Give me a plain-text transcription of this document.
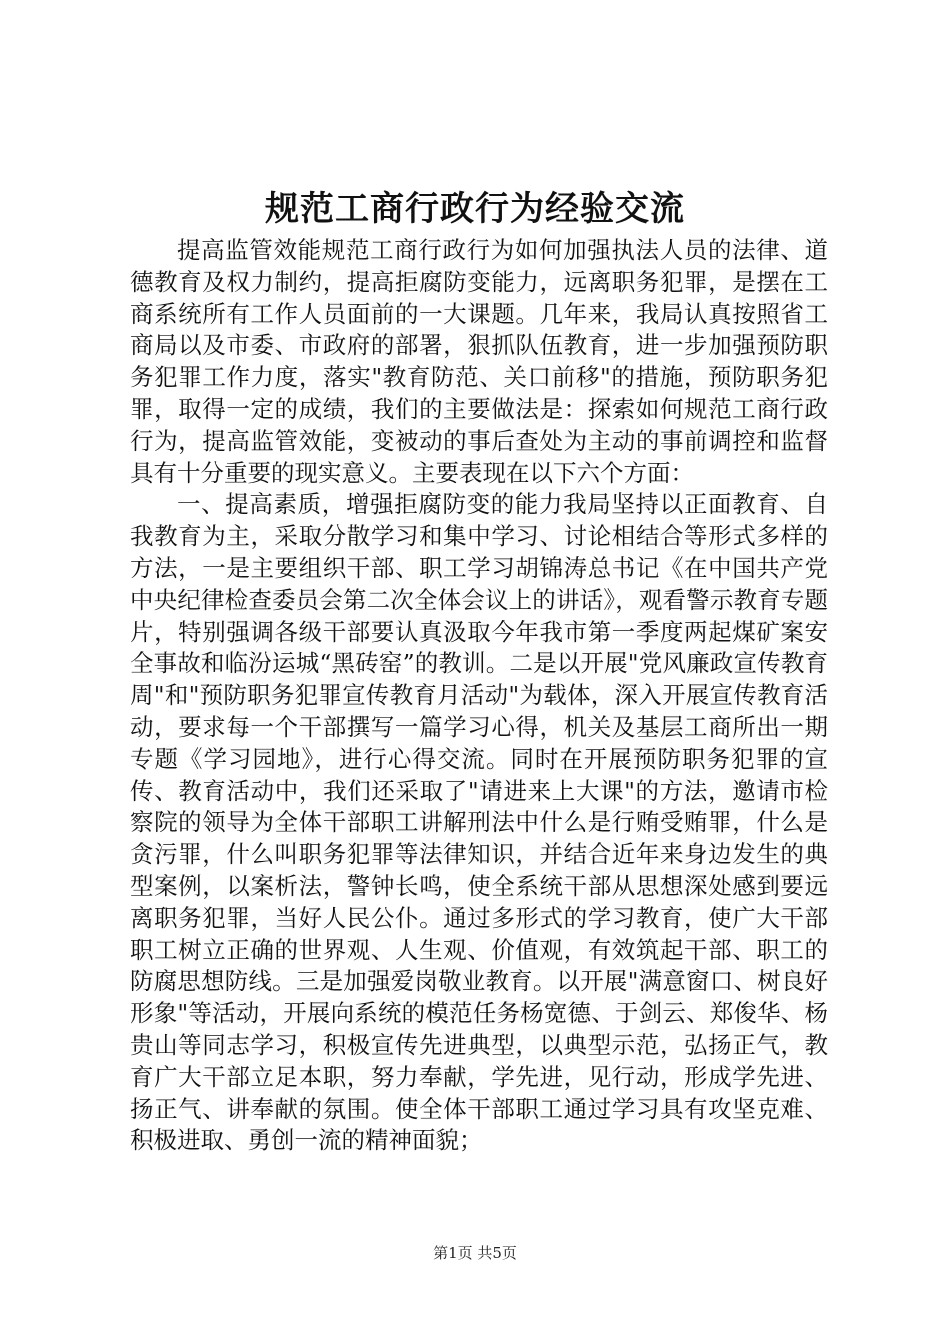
规范工商行政行为经验交流

提高监管效能规范工商行政行为如何加强执法人员的法律、道德教育及权力制约，提高拒腐防变能力，远离职务犯罪，是摆在工商系统所有工作人员面前的一大课题。几年来，我局认真按照省工商局以及市委、市政府的部署，狠抓队伍教育，进一步加强预防职务犯罪工作力度，落实"教育防范、关口前移"的措施，预防职务犯罪，取得一定的成绩，我们的主要做法是：探索如何规范工商行政行为，提高监管效能，变被动的事后查处为主动的事前调控和监督具有十分重要的现实意义。主要表现在以下六个方面：

一、提高素质，增强拒腐防变的能力我局坚持以正面教育、自我教育为主，采取分散学习和集中学习、讨论相结合等形式多样的方法，一是主要组织干部、职工学习胡锦涛总书记《在中国共产党中央纪律检查委员会第二次全体会议上的讲话》，观看警示教育专题片，特别强调各级干部要认真汲取今年我市第一季度两起煤矿案安全事故和临汾运城“黑砖窑”的教训。二是以开展"党风廉政宣传教育周"和"预防职务犯罪宣传教育月活动"为载体，深入开展宣传教育活动，要求每一个干部撰写一篇学习心得，机关及基层工商所出一期专题《学习园地》，进行心得交流。同时在开展预防职务犯罪的宣传、教育活动中，我们还采取了"请进来上大课"的方法，邀请市检察院的领导为全体干部职工讲解刑法中什么是行贿受贿罪，什么是贪污罪，什么叫职务犯罪等法律知识，并结合近年来身边发生的典型案例，以案析法，警钟长鸣，使全系统干部从思想深处感到要远离职务犯罪，当好人民公仆。通过多形式的学习教育，使广大干部职工树立正确的世界观、人生观、价值观，有效筑起干部、职工的防腐思想防线。三是加强爱岗敬业教育。以开展"满意窗口、树良好形象"等活动，开展向系统的模范任务杨宽德、于剑云、郑俊华、杨贵山等同志学习，积极宣传先进典型，以典型示范，弘扬正气，教育广大干部立足本职，努力奉献，学先进，见行动，形成学先进、扬正气、讲奉献的氛围。使全体干部职工通过学习具有攻坚克难、积极进取、勇创一流的精神面貌；

第1页 共5页
